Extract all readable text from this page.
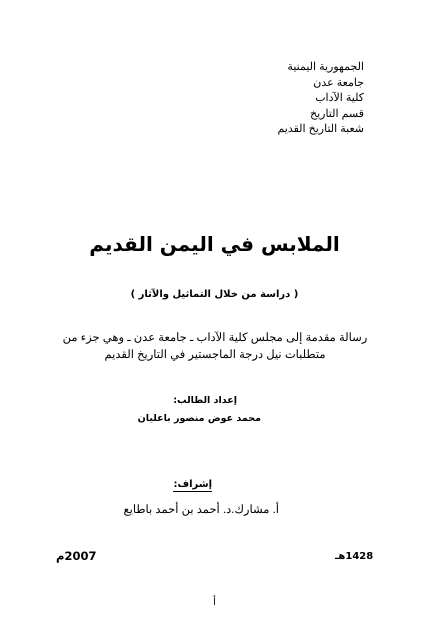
الجمهورية اليمنية
جامعة عدن
كلية الآداب
قسم التاريخ
شعبة التاريخ القديم
الملابس في اليمن القديم
( دراسة من خلال التماثيل والآثار )
رسالة مقدمة إلى مجلس كلية الآداب ـ جامعة عدن ـ وهي جزء من
متطلبات نيل درجة الماجستير في التاريخ القديم
إعداد الطالب:
محمد عوض منصور باعليان
إشراف:
أ. مشارك.د. أحمد بن أحمد باطايع
1428هـ
2007م
أ
